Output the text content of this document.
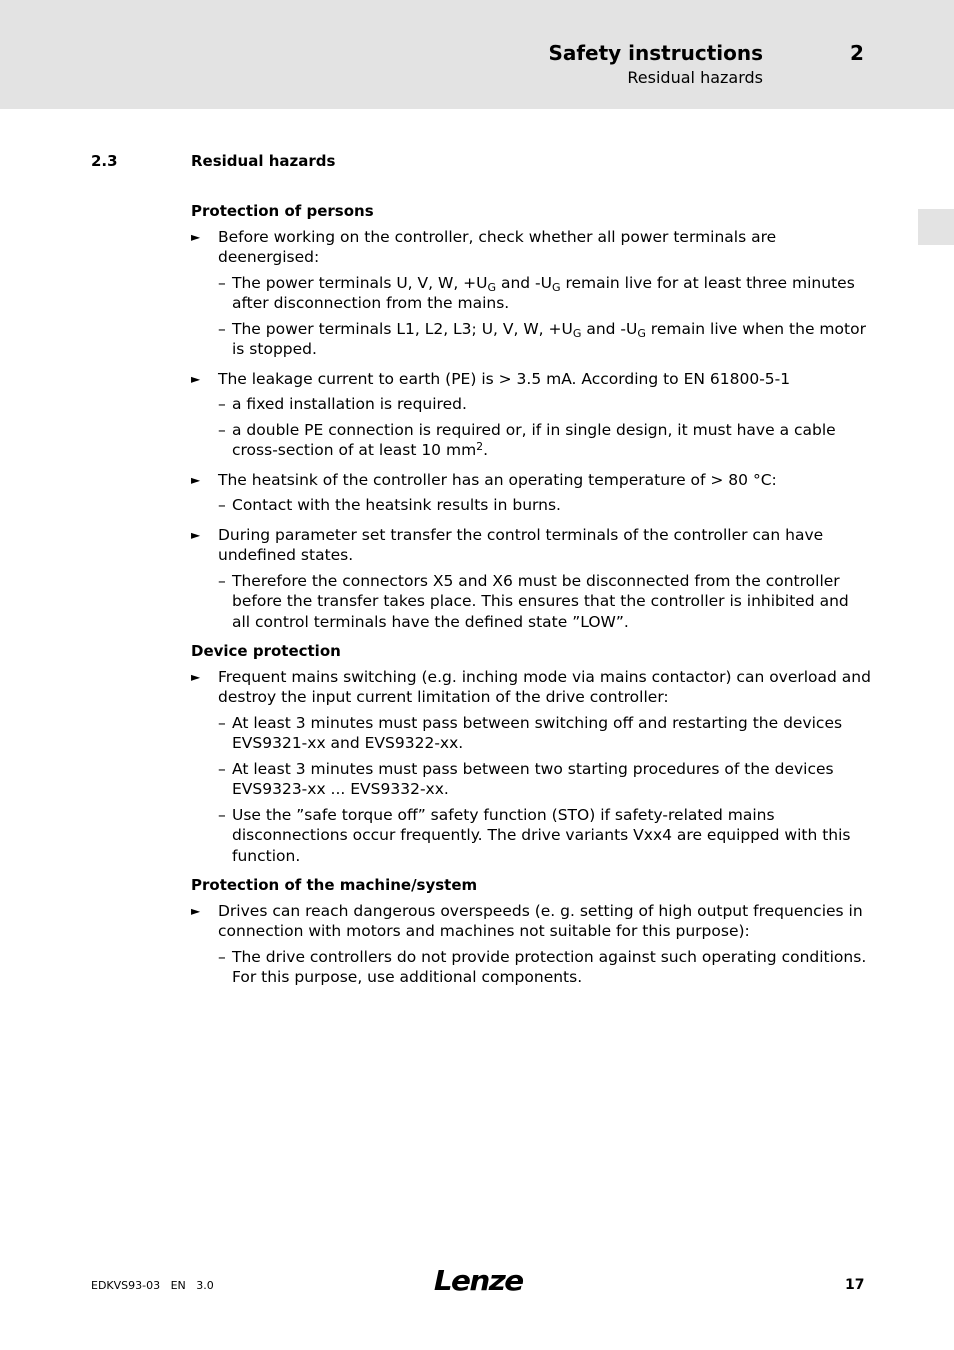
Safety instructions	2
Residual hazards
2.3	Residual hazards
Protection of persons
► Before working on the controller, check whether all power terminals are deenergised:
– The power terminals U, V, W, $+U_G$ and $-U_G$ remain live for at least three minutes after disconnection from the mains.
– The power terminals L1, L2, L3; U, V, W, $+U_G$ and $-U_G$ remain live when the motor is stopped.
► The leakage current to earth (PE) is > 3.5 mA. According to EN 61800-5-1
– a fixed installation is required.
– a double PE connection is required or, if in single design, it must have a cable cross-section of at least 10 $mm^2$.
► The heatsink of the controller has an operating temperature of > 80 °C:
– Contact with the heatsink results in burns.
► During parameter set transfer the control terminals of the controller can have undefined states.
– Therefore the connectors X5 and X6 must be disconnected from the controller before the transfer takes place. This ensures that the controller is inhibited and all control terminals have the defined state ”LOW”.
Device protection
► Frequent mains switching (e.g. inching mode via mains contactor) can overload and destroy the input current limitation of the drive controller:
– At least 3 minutes must pass between switching off and restarting the devices EVS9321-xx and EVS9322-xx.
– At least 3 minutes must pass between two starting procedures of the devices EVS9323-xx ... EVS9332-xx.
– Use the ”safe torque off” safety function (STO) if safety-related mains disconnections occur frequently. The drive variants Vxx4 are equipped with this function.
Protection of the machine/system
► Drives can reach dangerous overspeeds (e. g. setting of high output frequencies in connection with motors and machines not suitable for this purpose):
– The drive controllers do not provide protection against such operating conditions. For this purpose, use additional components.
EDKVS93-03   EN   3.0	Lenze	17
